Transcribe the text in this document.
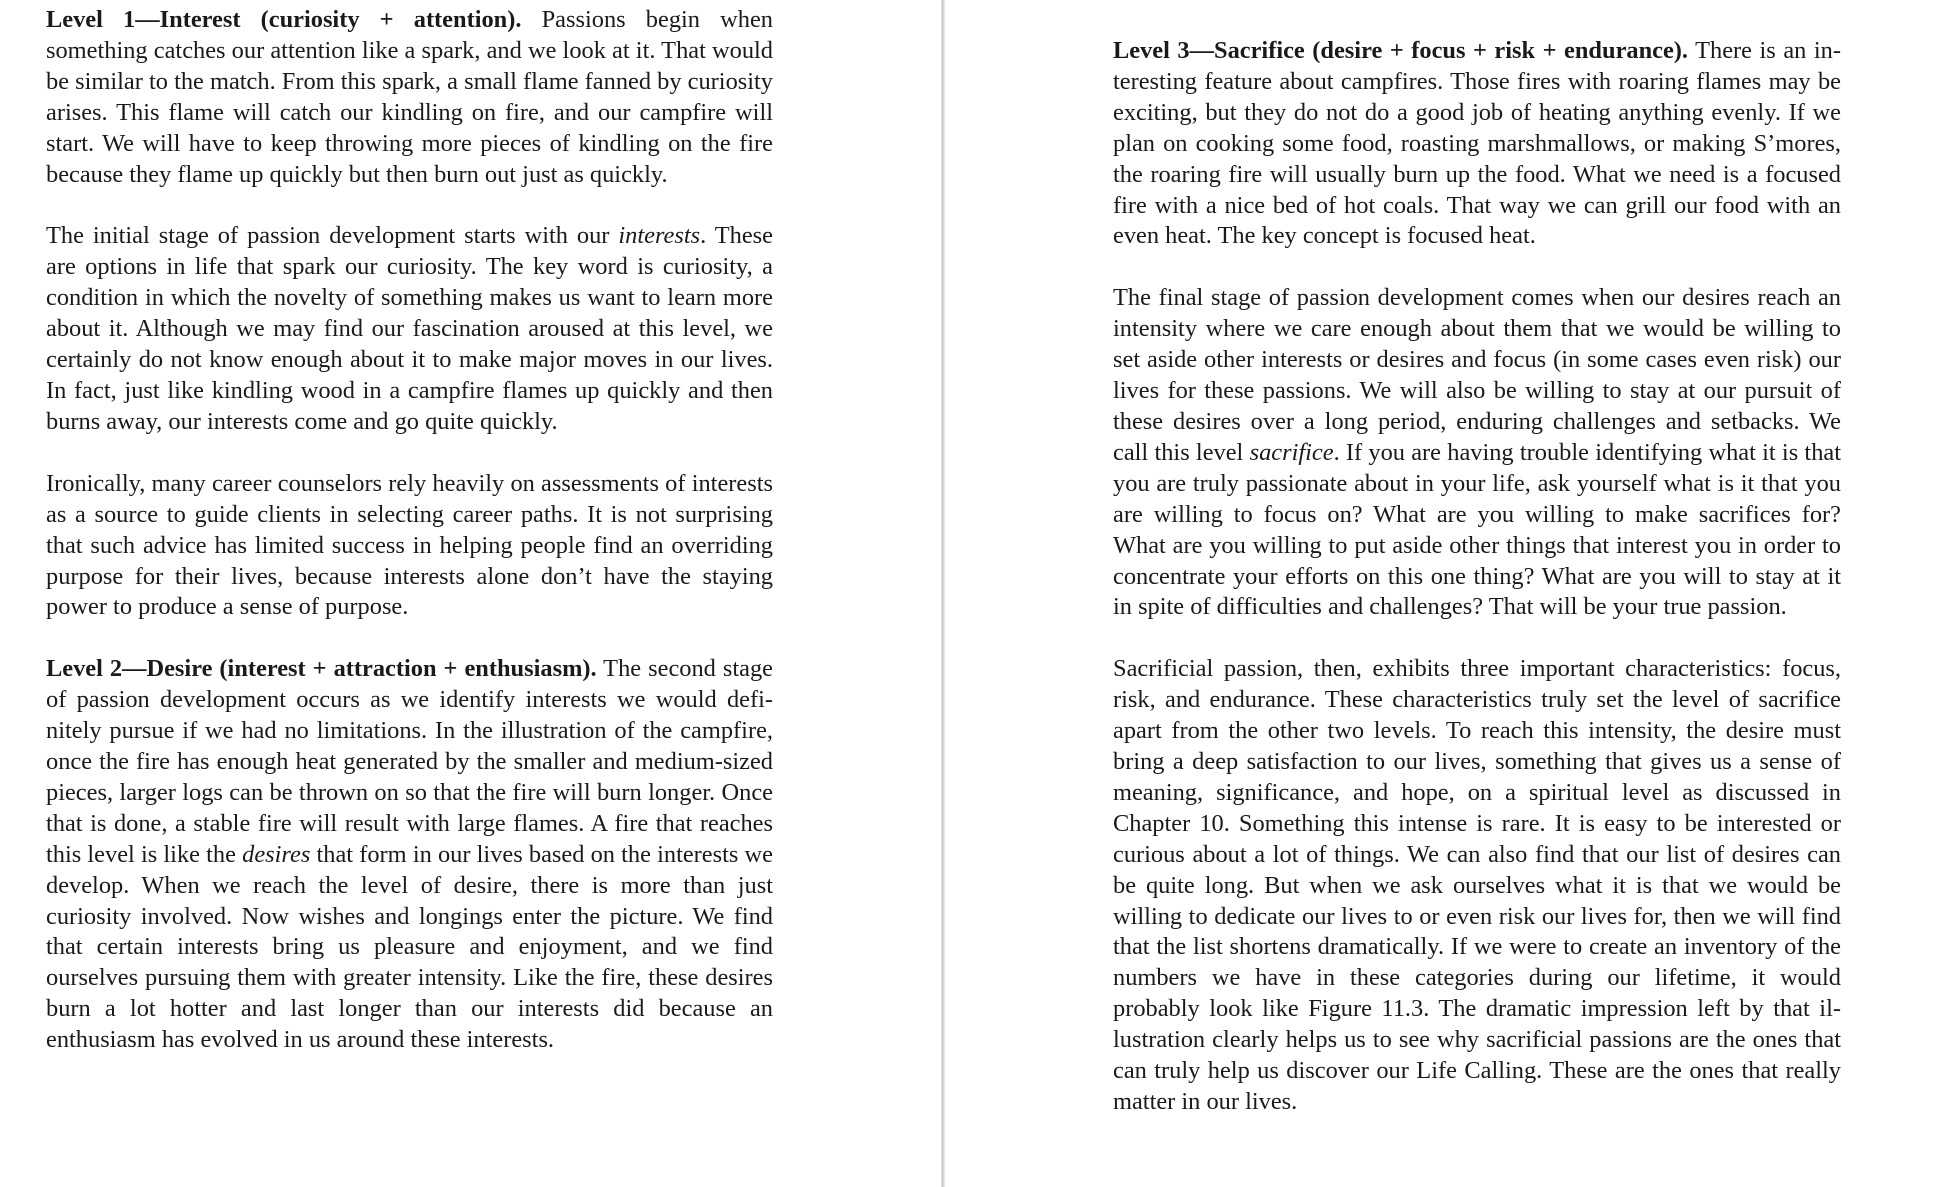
Level 1—Interest (curiosity + attention). Passions begin when something catches our attention like a spark, and we look at it. That would be similar to the match. From this spark, a small flame fanned by curiosity arises. This flame will catch our kindling on fire, and our campfire will start. We will have to keep throwing more pieces of kindling on the fire because they flame up quickly but then burn out just as quickly.

The initial stage of passion development starts with our interests. These are options in life that spark our curiosity. The key word is curiosity, a condition in which the novelty of something makes us want to learn more about it. Although we may find our fascination aroused at this level, we certainly do not know enough about it to make major moves in our lives. In fact, just like kindling wood in a campfire flames up quickly and then burns away, our interests come and go quite quickly.

Ironically, many career counselors rely heavily on assessments of interests as a source to guide clients in selecting career paths. It is not surprising that such advice has limited success in helping people find an overriding purpose for their lives, because interests alone don’t have the staying power to produce a sense of purpose.

Level 2—Desire (interest + attraction + enthusiasm). The second stage of passion development occurs as we identify interests we would definitely pursue if we had no limitations. In the illustration of the campfire, once the fire has enough heat generated by the smaller and medium-sized pieces, larger logs can be thrown on so that the fire will burn longer. Once that is done, a stable fire will result with large flames. A fire that reaches this level is like the desires that form in our lives based on the interests we develop. When we reach the level of desire, there is more than just curiosity involved. Now wishes and longings enter the picture. We find that certain interests bring us pleasure and enjoyment, and we find ourselves pursuing them with greater intensity. Like the fire, these desires burn a lot hotter and last longer than our interests did because an enthusiasm has evolved in us around these interests.

Level 3—Sacrifice (desire + focus + risk + endurance). There is an interesting feature about campfires. Those fires with roaring flames may be exciting, but they do not do a good job of heating anything evenly. If we plan on cooking some food, roasting marshmallows, or making S’mores, the roaring fire will usually burn up the food. What we need is a focused fire with a nice bed of hot coals. That way we can grill our food with an even heat. The key concept is focused heat.

The final stage of passion development comes when our desires reach an intensity where we care enough about them that we would be willing to set aside other interests or desires and focus (in some cases even risk) our lives for these passions. We will also be willing to stay at our pursuit of these desires over a long period, enduring challenges and setbacks. We call this level sacrifice. If you are having trouble identifying what it is that you are truly passionate about in your life, ask yourself what is it that you are willing to focus on? What are you willing to make sacrifices for? What are you willing to put aside other things that interest you in order to concentrate your efforts on this one thing? What are you will to stay at it in spite of difficulties and challenges? That will be your true passion.

Sacrificial passion, then, exhibits three important characteristics: focus, risk, and endurance. These characteristics truly set the level of sacrifice apart from the other two levels. To reach this intensity, the desire must bring a deep satisfaction to our lives, something that gives us a sense of meaning, significance, and hope, on a spiritual level as discussed in Chapter 10. Something this intense is rare. It is easy to be interested or curious about a lot of things. We can also find that our list of desires can be quite long. But when we ask ourselves what it is that we would be willing to dedicate our lives to or even risk our lives for, then we will find that the list shortens dramatically. If we were to create an inventory of the numbers we have in these categories during our lifetime, it would probably look like Figure 11.3. The dramatic impression left by that illustration clearly helps us to see why sacrificial passions are the ones that can truly help us discover our Life Calling. These are the ones that really matter in our lives.
